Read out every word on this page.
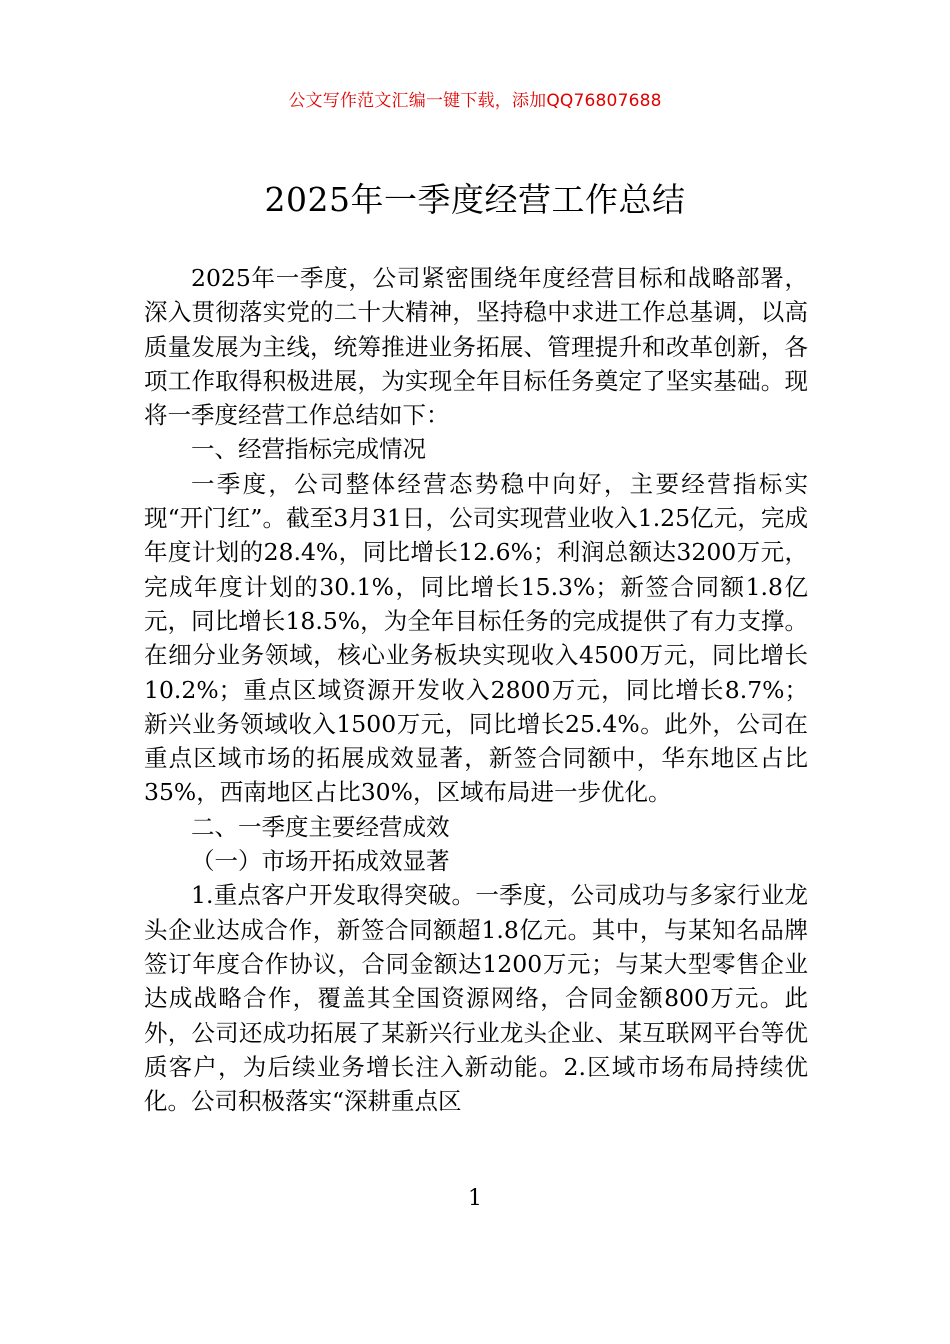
公文写作范文汇编一键下载，添加QQ76807688
2025年一季度经营工作总结

2025年一季度，公司紧密围绕年度经营目标和战略部署，深入贯彻落实党的二十大精神，坚持稳中求进工作总基调，以高质量发展为主线，统筹推进业务拓展、管理提升和改革创新，各项工作取得积极进展，为实现全年目标任务奠定了坚实基础。现将一季度经营工作总结如下：

一、经营指标完成情况

一季度，公司整体经营态势稳中向好，主要经营指标实现“开门红”。截至3月31日，公司实现营业收入1.25亿元，完成年度计划的28.4%，同比增长12.6%；利润总额达3200万元，完成年度计划的30.1%，同比增长15.3%；新签合同额1.8亿元，同比增长18.5%，为全年目标任务的完成提供了有力支撑。在细分业务领域，核心业务板块实现收入4500万元，同比增长10.2%；重点区域资源开发收入2800万元，同比增长8.7%；新兴业务领域收入1500万元，同比增长25.4%。此外，公司在重点区域市场的拓展成效显著，新签合同额中，华东地区占比35%，西南地区占比30%，区域布局进一步优化。

二、一季度主要经营成效

（一）市场开拓成效显著

1.重点客户开发取得突破。一季度，公司成功与多家行业龙头企业达成合作，新签合同额超1.8亿元。其中，与某知名品牌签订年度合作协议，合同金额达1200万元；与某大型零售企业达成战略合作，覆盖其全国资源网络，合同金额800万元。此外，公司还成功拓展了某新兴行业龙头企业、某互联网平台等优质客户，为后续业务增长注入新动能。2.区域市场布局持续优化。公司积极落实“深耕重点区

1
